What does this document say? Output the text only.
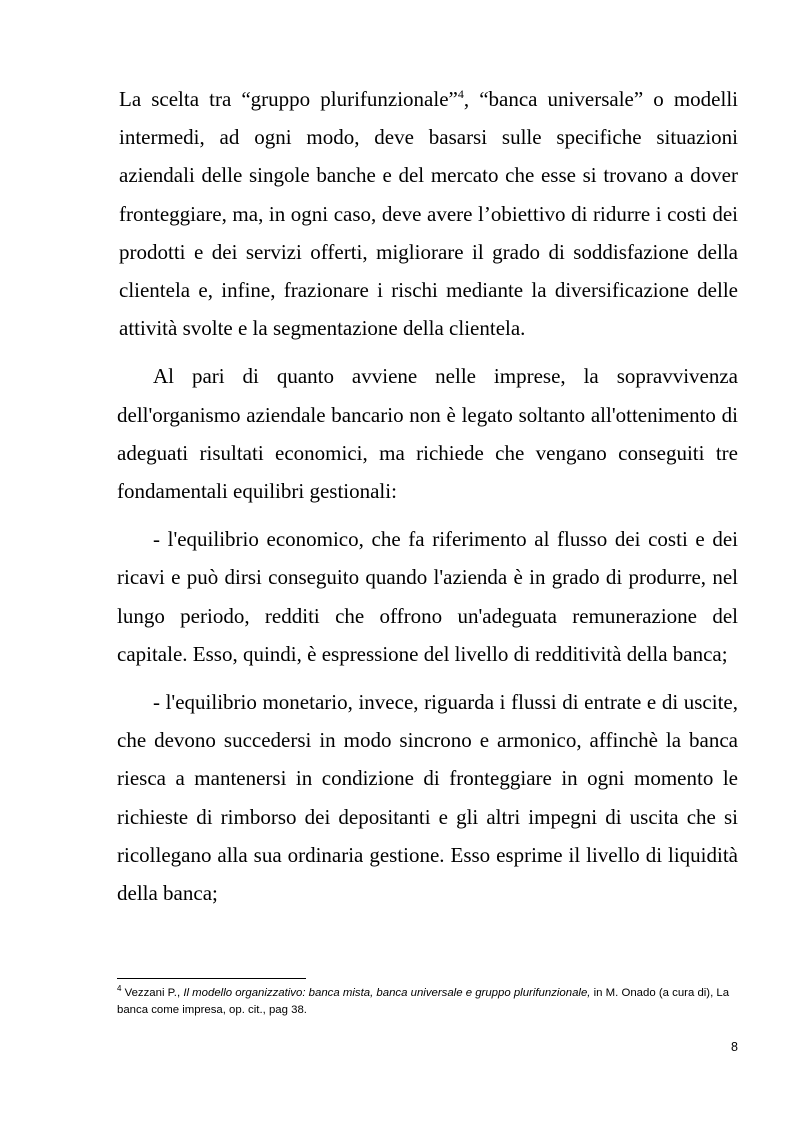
La scelta tra “gruppo plurifunzionale”$^4$, “banca universale” o modelli intermedi, ad ogni modo, deve basarsi sulle specifiche situazioni aziendali delle singole banche e del mercato che esse si trovano a dover fronteggiare, ma, in ogni caso, deve avere l’obiettivo di ridurre i costi dei prodotti e dei servizi offerti, migliorare il grado di soddisfazione della clientela e, infine, frazionare i rischi mediante la diversificazione delle attività svolte e la segmentazione della clientela.

Al pari di quanto avviene nelle imprese, la sopravvivenza dell'organismo aziendale bancario non è legato soltanto all'ottenimento di adeguati risultati economici, ma richiede che vengano conseguiti tre fondamentali equilibri gestionali:

- l'equilibrio economico, che fa riferimento al flusso dei costi e dei ricavi e può dirsi conseguito quando l'azienda è in grado di produrre, nel lungo periodo, redditi che offrono un'adeguata remunerazione del capitale. Esso, quindi, è espressione del livello di redditività della banca;

- l'equilibrio monetario, invece, riguarda i flussi di entrate e di uscite, che devono succedersi in modo sincrono e armonico, affinchè la banca riesca a mantenersi in condizione di fronteggiare in ogni momento le richieste di rimborso dei depositanti e gli altri impegni di uscita che si ricollegano alla sua ordinaria gestione. Esso esprime il livello di liquidità della banca;

$^4$ Vezzani P., Il modello organizzativo: banca mista, banca universale e gruppo plurifunzionale, in M. Onado (a cura di), La banca come impresa, op. cit., pag 38.
8
